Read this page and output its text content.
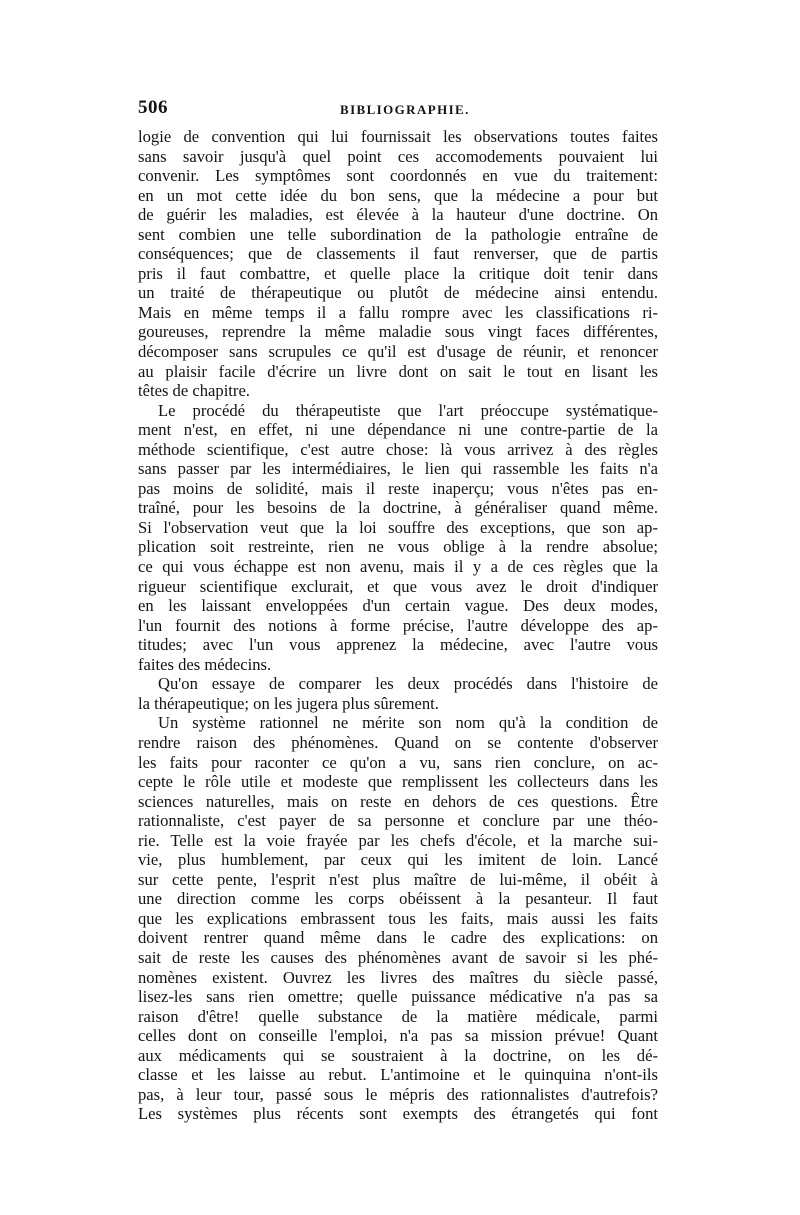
506	BIBLIOGRAPHIE.
logie de convention qui lui fournissait les observations toutes faites
sans savoir jusqu'à quel point ces accomodements pouvaient lui
convenir. Les symptômes sont coordonnés en vue du traitement:
en un mot cette idée du bon sens, que la médecine a pour but
de guérir les maladies, est élevée à la hauteur d'une doctrine. On
sent combien une telle subordination de la pathologie entraîne de
conséquences; que de classements il faut renverser, que de partis
pris il faut combattre, et quelle place la critique doit tenir dans
un traité de thérapeutique ou plutôt de médecine ainsi entendu.
Mais en même temps il a fallu rompre avec les classifications ri-
goureuses, reprendre la même maladie sous vingt faces différentes,
décomposer sans scrupules ce qu'il est d'usage de réunir, et renoncer
au plaisir facile d'écrire un livre dont on sait le tout en lisant les
têtes de chapitre.
Le procédé du thérapeutiste que l'art préoccupe systématique-
ment n'est, en effet, ni une dépendance ni une contre-partie de la
méthode scientifique, c'est autre chose: là vous arrivez à des règles
sans passer par les intermédiaires, le lien qui rassemble les faits n'a
pas moins de solidité, mais il reste inaperçu; vous n'êtes pas en-
traîné, pour les besoins de la doctrine, à généraliser quand même.
Si l'observation veut que la loi souffre des exceptions, que son ap-
plication soit restreinte, rien ne vous oblige à la rendre absolue;
ce qui vous échappe est non avenu, mais il y a de ces règles que la
rigueur scientifique exclurait, et que vous avez le droit d'indiquer
en les laissant enveloppées d'un certain vague. Des deux modes,
l'un fournit des notions à forme précise, l'autre développe des ap-
titudes; avec l'un vous apprenez la médecine, avec l'autre vous
faites des médecins.
Qu'on essaye de comparer les deux procédés dans l'histoire de
la thérapeutique; on les jugera plus sûrement.
Un système rationnel ne mérite son nom qu'à la condition de
rendre raison des phénomènes. Quand on se contente d'observer
les faits pour raconter ce qu'on a vu, sans rien conclure, on ac-
cepte le rôle utile et modeste que remplissent les collecteurs dans les
sciences naturelles, mais on reste en dehors de ces questions. Être
rationnaliste, c'est payer de sa personne et conclure par une théo-
rie. Telle est la voie frayée par les chefs d'école, et la marche sui-
vie, plus humblement, par ceux qui les imitent de loin. Lancé
sur cette pente, l'esprit n'est plus maître de lui-même, il obéit à
une direction comme les corps obéissent à la pesanteur. Il faut
que les explications embrassent tous les faits, mais aussi les faits
doivent rentrer quand même dans le cadre des explications: on
sait de reste les causes des phénomènes avant de savoir si les phé-
nomènes existent. Ouvrez les livres des maîtres du siècle passé,
lisez-les sans rien omettre; quelle puissance médicative n'a pas sa
raison d'être! quelle substance de la matière médicale, parmi
celles dont on conseille l'emploi, n'a pas sa mission prévue! Quant
aux médicaments qui se soustraient à la doctrine, on les dé-
classe et les laisse au rebut. L'antimoine et le quinquina n'ont-ils
pas, à leur tour, passé sous le mépris des rationnalistes d'autrefois?
Les systèmes plus récents sont exempts des étrangetés qui font
